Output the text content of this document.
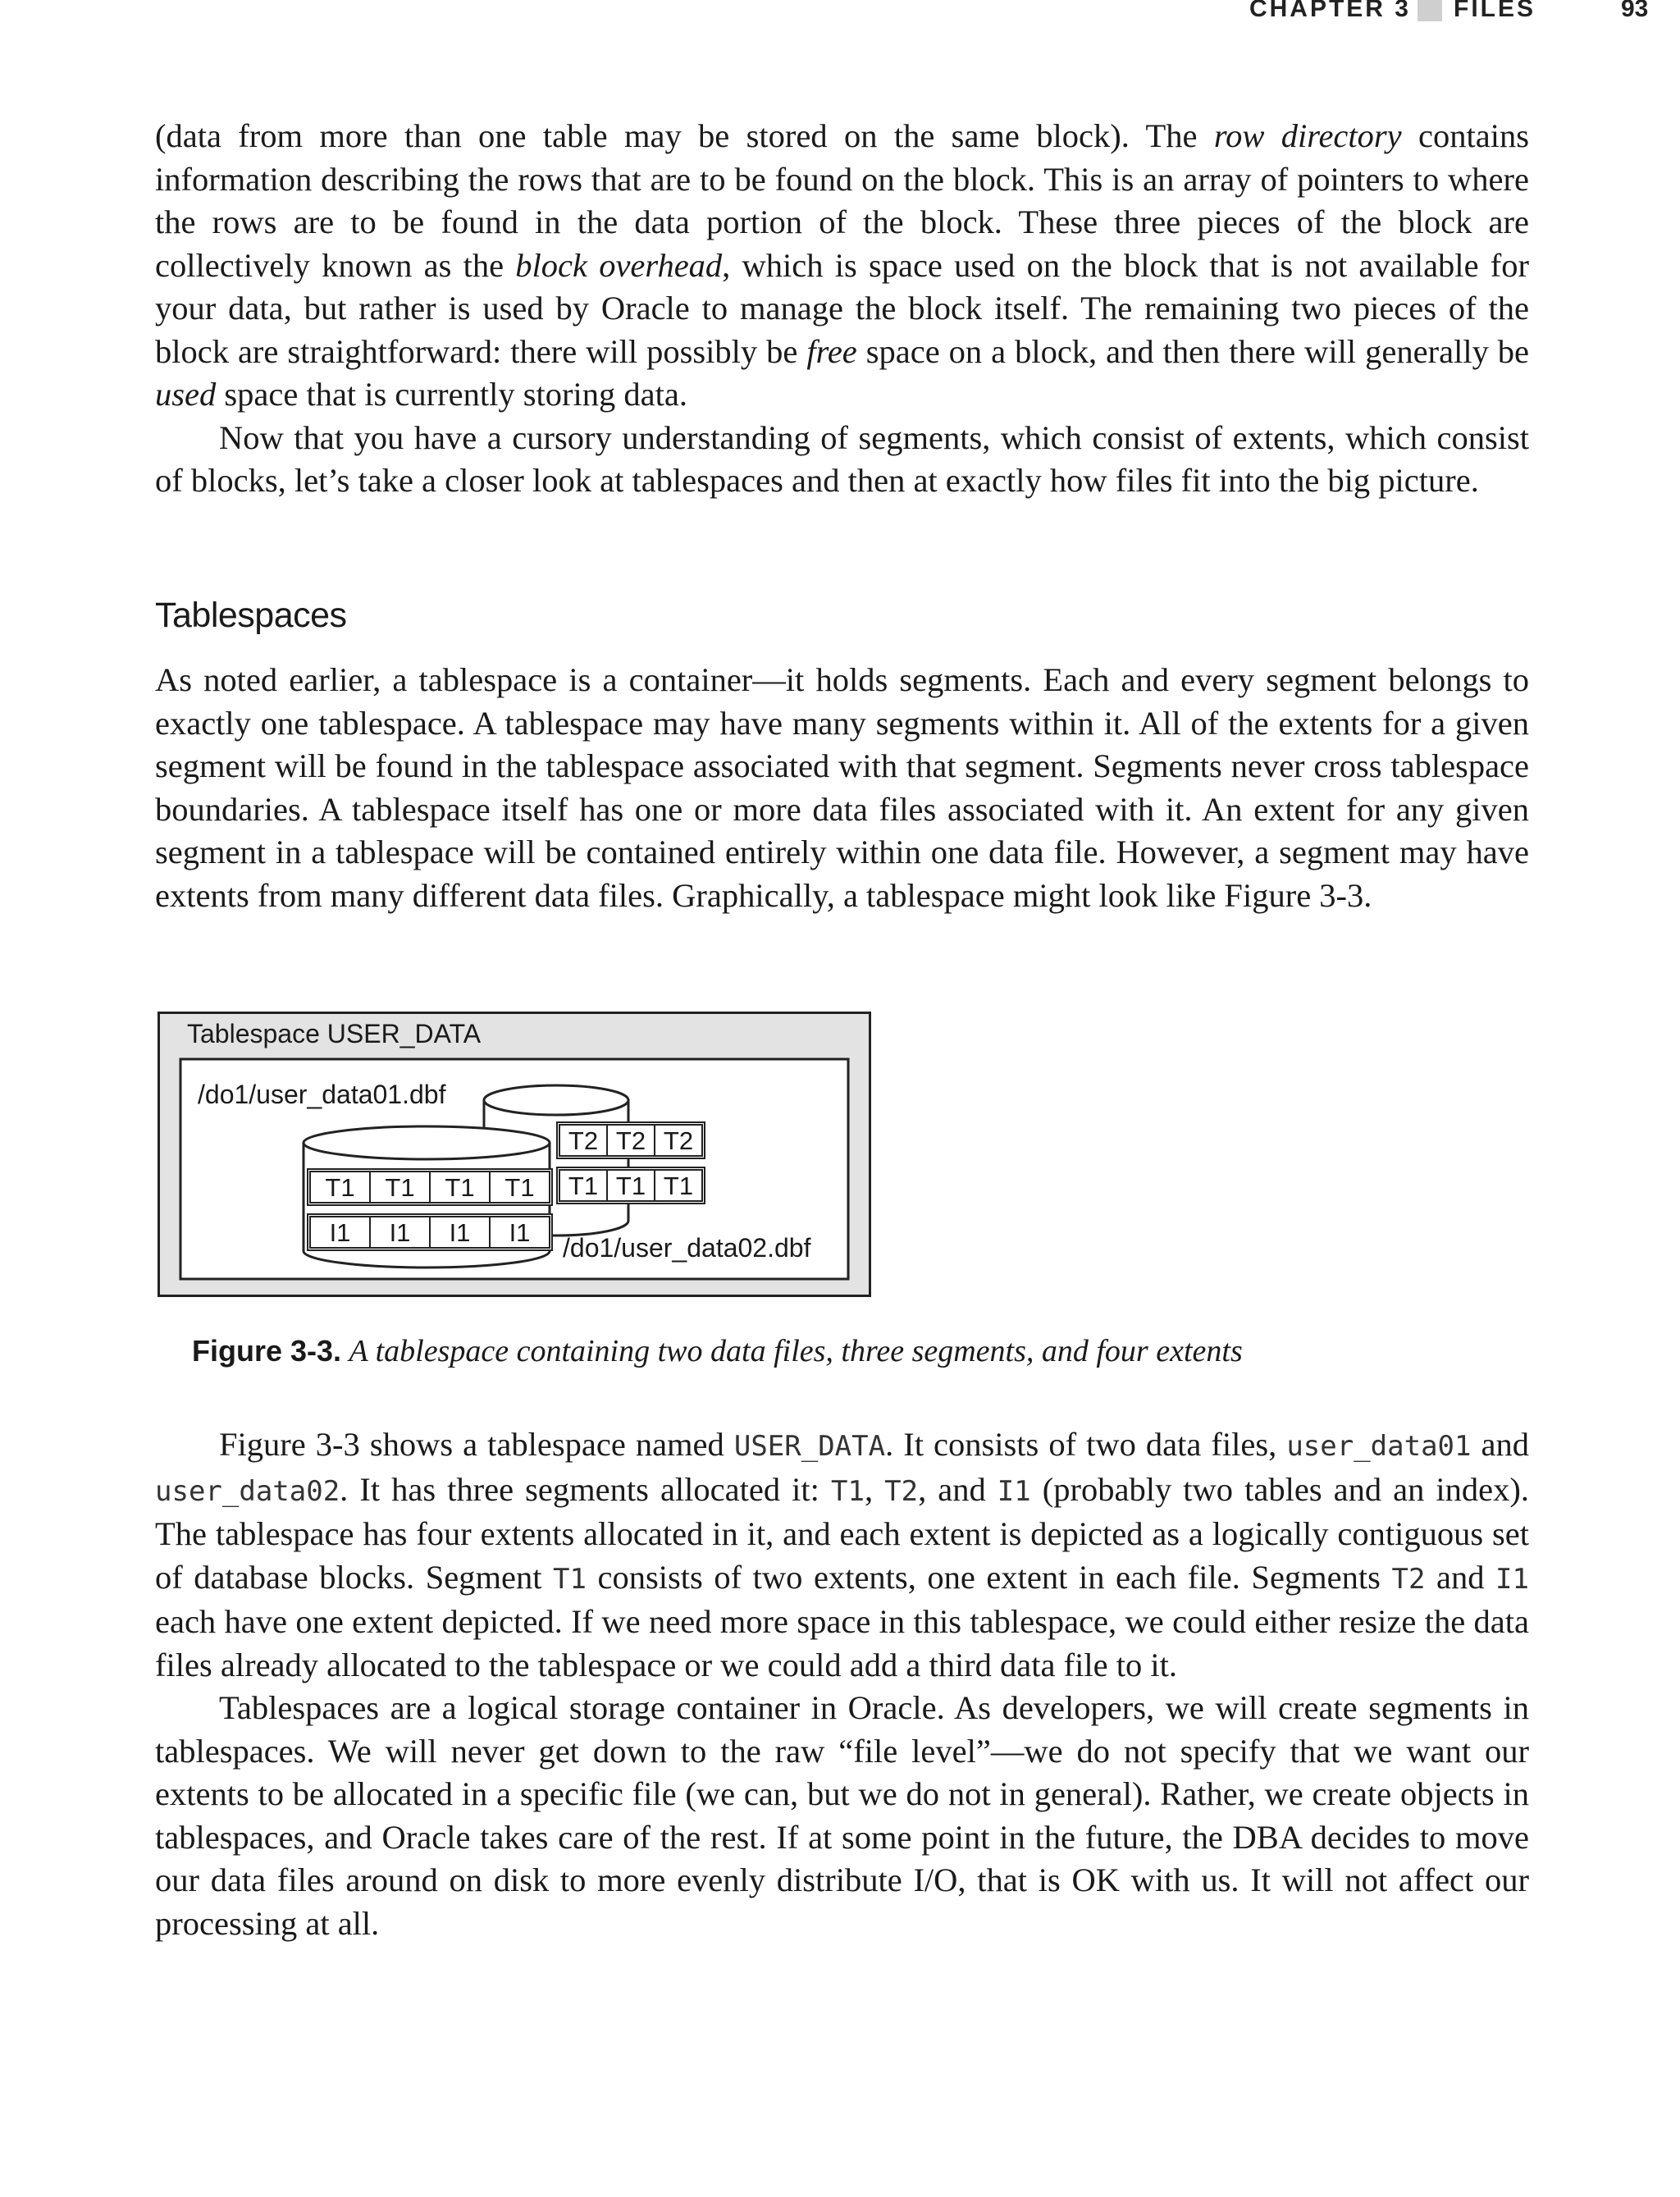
CHAPTER 3 FILES	93

(data from more than one table may be stored on the same block). The row directory contains information describing the rows that are to be found on the block. This is an array of pointers to where the rows are to be found in the data portion of the block. These three pieces of the block are collectively known as the block overhead, which is space used on the block that is not available for your data, but rather is used by Oracle to manage the block itself. The remaining two pieces of the block are straightforward: there will possibly be free space on a block, and then there will generally be used space that is currently storing data.

Now that you have a cursory understanding of segments, which consist of extents, which consist of blocks, let’s take a closer look at tablespaces and then at exactly how files fit into the big picture.

Tablespaces

As noted earlier, a tablespace is a container—it holds segments. Each and every segment belongs to exactly one tablespace. A tablespace may have many segments within it. All of the extents for a given segment will be found in the tablespace associated with that segment. Segments never cross tablespace boundaries. A tablespace itself has one or more data files associated with it. An extent for any given segment in a tablespace will be contained entirely within one data file. However, a segment may have extents from many different data files. Graphically, a tablespace might look like Figure 3-3.

Tablespace USER_DATA
/do1/user_data01.dbf
T2 T2 T2
T1 T1 T1
T1 T1 T1 T1
I1 I1 I1 I1
/do1/user_data02.dbf
Figure 3-3. A tablespace containing two data files, three segments, and four extents

Figure 3-3 shows a tablespace named USER_DATA. It consists of two data files, user_data01 and user_data02. It has three segments allocated it: T1, T2, and I1 (probably two tables and an index). The tablespace has four extents allocated in it, and each extent is depicted as a logically contiguous set of database blocks. Segment T1 consists of two extents, one extent in each file. Segments T2 and I1 each have one extent depicted. If we need more space in this tablespace, we could either resize the data files already allocated to the tablespace or we could add a third data file to it.

Tablespaces are a logical storage container in Oracle. As developers, we will create segments in tablespaces. We will never get down to the raw “file level”—we do not specify that we want our extents to be allocated in a specific file (we can, but we do not in general). Rather, we create objects in tablespaces, and Oracle takes care of the rest. If at some point in the future, the DBA decides to move our data files around on disk to more evenly distribute I/O, that is OK with us. It will not affect our processing at all.
